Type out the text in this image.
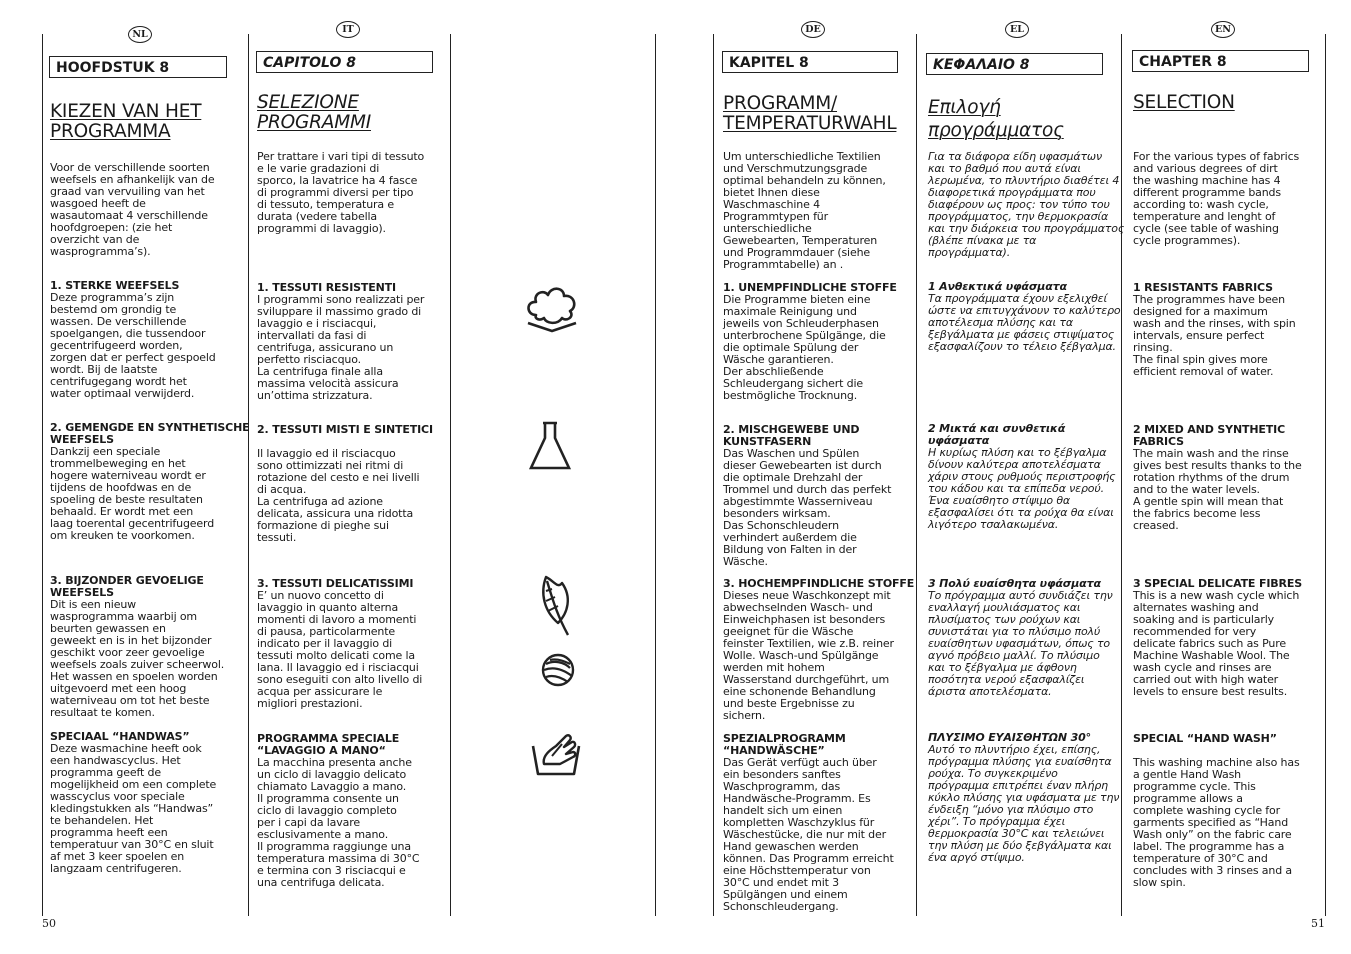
NL	IT	DE	EL	EN
HOOFDSTUK 8
KIEZEN VAN HET
PROGRAMMA

Voor de verschillende soorten
weefsels en afhankelijk van de
graad van vervuiling van het
wasgoed heeft de
wasautomaat 4 verschillende
hoofdgroepen: (zie het
overzicht van de
wasprogramma’s).

1. STERKE WEEFSELS
Deze programma’s zijn
bestemd om grondig te
wassen. De verschillende
spoelgangen, die tussendoor
gecentrifugeerd worden,
zorgen dat er perfect gespoeld
wordt. Bij de laatste
centrifugegang wordt het
water optimaal verwijderd.

2. GEMENGDE EN SYNTHETISCHE
WEEFSELS
Dankzij een speciale
trommelbeweging en het
hogere waterniveau wordt er
tijdens de hoofdwas en de
spoeling de beste resultaten
behaald. Er wordt met een
laag toerental gecentrifugeerd
om kreuken te voorkomen.

3. BIJZONDER GEVOELIGE
WEEFSELS
Dit is een nieuw
wasprogramma waarbij om
beurten gewassen en
geweekt en is in het bijzonder
geschikt voor zeer gevoelige
weefsels zoals zuiver scheerwol.
Het wassen en spoelen worden
uitgevoerd met een hoog
waterniveau om tot het beste
resultaat te komen.

SPECIAAL “HANDWAS”
Deze wasmachine heeft ook
een handwascyclus. Het
programma geeft de
mogelijkheid om een complete
wasscyclus voor speciale
kledingstukken als “Handwas”
te behandelen. Het
programma heeft een
temperatuur van 30°C en sluit
af met 3 keer spoelen en
langzaam centrifugeren.

CAPITOLO 8
SELEZIONE
PROGRAMMI

Per trattare i vari tipi di tessuto
e le varie gradazioni di
sporco, la lavatrice ha 4 fasce
di programmi diversi per tipo
di tessuto, temperatura e
durata (vedere tabella
programmi di lavaggio).

1. TESSUTI RESISTENTI
I programmi sono realizzati per
sviluppare il massimo grado di
lavaggio e i risciacqui,
intervallati da fasi di
centrifuga, assicurano un
perfetto risciacquo.
La centrifuga finale alla
massima velocità assicura
un’ottima strizzatura.

2. TESSUTI MISTI E SINTETICI
Il lavaggio ed il risciacquo
sono ottimizzati nei ritmi di
rotazione del cesto e nei livelli
di acqua.
La centrifuga ad azione
delicata, assicura una ridotta
formazione di pieghe sui
tessuti.

3. TESSUTI DELICATISSIMI
E’ un nuovo concetto di
lavaggio in quanto alterna
momenti di lavoro a momenti
di pausa, particolarmente
indicato per il lavaggio di
tessuti molto delicati come la
lana. Il lavaggio ed i risciacqui
sono eseguiti con alto livello di
acqua per assicurare le
migliori prestazioni.

PROGRAMMA SPECIALE
“LAVAGGIO A MANO“
La macchina presenta anche
un ciclo di lavaggio delicato
chiamato Lavaggio a mano.
Il programma consente un
ciclo di lavaggio completo
per i capi da lavare
esclusivamente a mano.
Il programma raggiunge una
temperatura massima di 30°C
e termina con 3 risciacqui e
una centrifuga delicata.

KAPITEL 8
PROGRAMM/
TEMPERATURWAHL

Um unterschiedliche Textilien
und Verschmutzungsgrade
optimal behandeln zu können,
bietet Ihnen diese
Waschmaschine 4
Programmtypen für
unterschiedliche
Gewebearten, Temperaturen
und Programmdauer (siehe
Programmtabelle) an .

1. UNEMPFINDLICHE STOFFE
Die Programme bieten eine
maximale Reinigung und
jeweils von Schleuderphasen
unterbrochene Spülgänge, die
die optimale Spülung der
Wäsche garantieren.
Der abschließende
Schleudergang sichert die
bestmögliche Trocknung.

2. MISCHGEWEBE UND
KUNSTFASERN
Das Waschen und Spülen
dieser Gewebearten ist durch
die optimale Drehzahl der
Trommel und durch das perfekt
abgestimmte Wasserniveau
besonders wirksam.
Das Schonschleudern
verhindert außerdem die
Bildung von Falten in der
Wäsche.

3. HOCHEMPFINDLICHE STOFFE
Dieses neue Waschkonzept mit
abwechselnden Wasch- und
Einweichphasen ist besonders
geeignet für die Wäsche
feinster Textilien, wie z.B. reiner
Wolle. Wasch-und Spülgänge
werden mit hohem
Wasserstand durchgeführt, um
eine schonende Behandlung
und beste Ergebnisse zu
sichern.

SPEZIALPROGRAMM
“HANDWÄSCHE”
Das Gerät verfügt auch über
ein besonders sanftes
Waschprogramm, das
Handwäsche-Programm. Es
handelt sich um einen
kompletten Waschzyklus für
Wäschestücke, die nur mit der
Hand gewaschen werden
können. Das Programm erreicht
eine Höchsttemperatur von
30°C und endet mit 3
Spülgängen und einem
Schonschleudergang.

ΚΕΦΑΛΑΙΟ 8
Επιλογή
προγράμματος

Για τα διάφορα είδη υφασμάτων
και το βαθμό που αυτά είναι
λερωμένα, το πλυντήριο διαθέτει 4
διαφορετικά προγράμματα που
διαφέρουν ως προς: τον τύπο του
προγράμματος, την θερμοκρασία
και την διάρκεια του προγράμματος
(βλέπε πίνακα με τα
προγράμματα).

1 Ανθεκτικά υφάσματα
Τα προγράμματα έχουν εξελιχθεί
ώστε να επιτυγχάνουν το καλύτερο
αποτέλεσμα πλύσης και τα
ξεβγάλματα με φάσεις στιψίματος
εξασφαλίζουν το τέλειο ξέβγαλμα.

2 Μικτά και συνθετικά
υφάσματα
Η κυρίως πλύση και το ξέβγαλμα
δίνουν καλύτερα αποτελέσματα
χάριν στους ρυθμούς περιστροφής
του κάδου και τα επίπεδα νερού.
Ένα ευαίσθητο στίψιμο θα
εξασφαλίσει ότι τα ρούχα θα είναι
λιγότερο τσαλακωμένα.

3 Πολύ ευαίσθητα υφάσματα
Το πρόγραμμα αυτό συνδιάζει την
εναλλαγή μουλιάσματος και
πλυσίματος των ρούχων και
συνιστάται για το πλύσιμο πολύ
ευαίσθητων υφασμάτων, όπως το
αγνό πρόβειο μαλλί. Το πλύσιμο
και το ξέβγαλμα με άφθονη
ποσότητα νερού εξασφαλίζει
άριστα αποτελέσματα.

ΠΛΥΣΙΜΟ ΕΥΑΙΣΘΗΤΩΝ 30°
Αυτό το πλυντήριο έχει, επίσης,
πρόγραμμα πλύσης για ευαίσθητα
ρούχα. Το συγκεκριμένο
πρόγραμμα επιτρέπει έναν πλήρη
κύκλο πλύσης για υφάσματα με την
ένδειξη “μόνο για πλύσιμο στο
χέρι”. Το πρόγραμμα έχει
θερμοκρασία 30°C και τελειώνει
την πλύση με δύο ξεβγάλματα και
ένα αργό στίψιμο.

CHAPTER 8
SELECTION

For the various types of fabrics
and various degrees of dirt
the washing machine has 4
different programme bands
according to: wash cycle,
temperature and lenght of
cycle (see table of washing
cycle programmes).

1 RESISTANTS FABRICS
The programmes have been
designed for a maximum
wash and the rinses, with spin
intervals, ensure perfect
rinsing.
The final spin gives more
efficient removal of water.

2 MIXED AND SYNTHETIC
FABRICS
The main wash and the rinse
gives best results thanks to the
rotation rhythms of the drum
and to the water levels.
A gentle spin will mean that
the fabrics become less
creased.

3 SPECIAL DELICATE FIBRES
This is a new wash cycle which
alternates washing and
soaking and is particularly
recommended for very
delicate fabrics such as Pure
Machine Washable Wool. The
wash cycle and rinses are
carried out with high water
levels to ensure best results.

SPECIAL “HAND WASH”
This washing machine also has
a gentle Hand Wash
programme cycle. This
programme allows a
complete washing cycle for
garments specified as “Hand
Wash only” on the fabric care
label. The programme has a
temperature of 30°C and
concludes with 3 rinses and a
slow spin.

50	51
